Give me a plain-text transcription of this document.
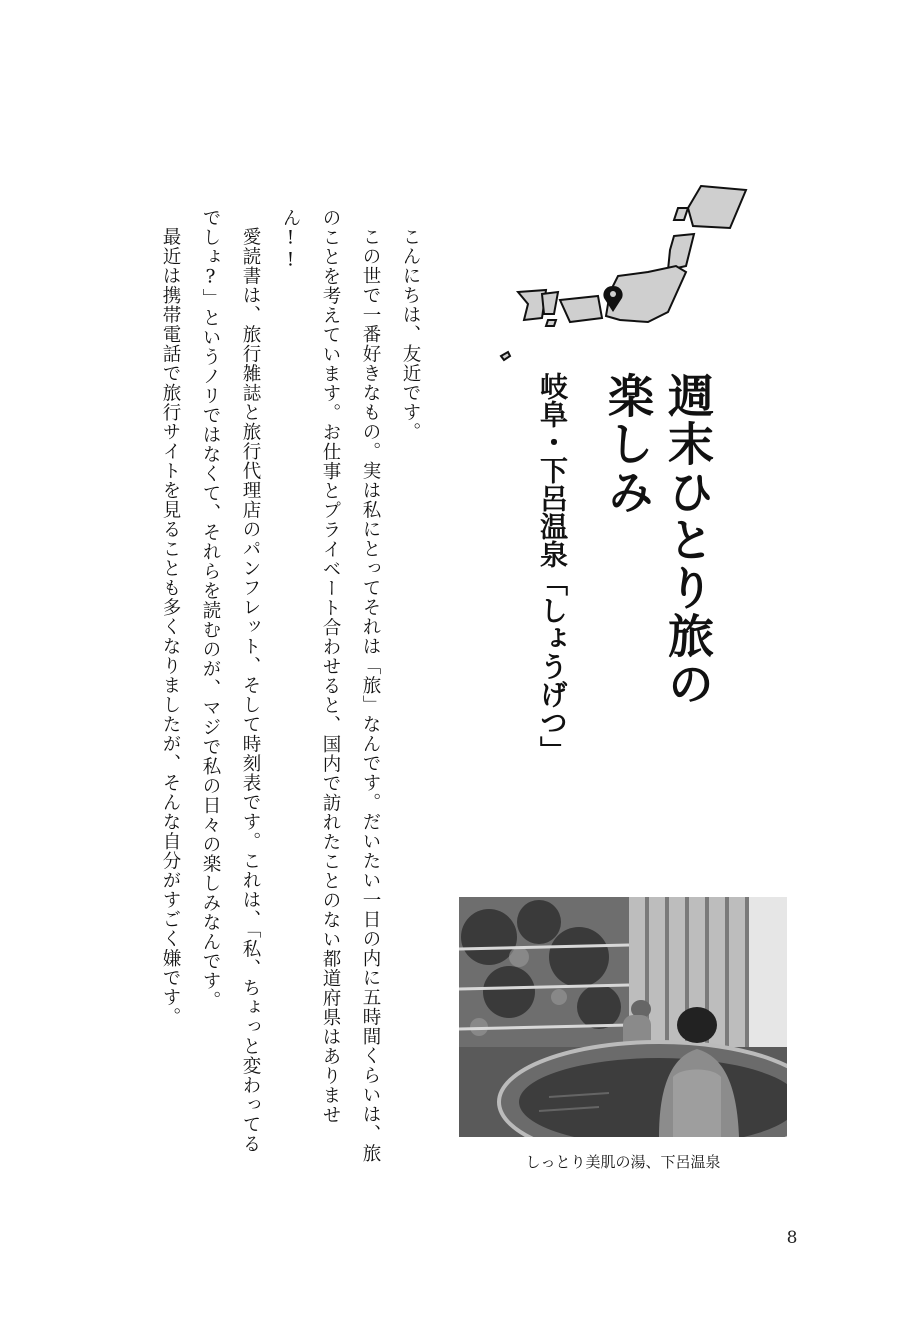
週末ひとり旅の
楽しみ
岐阜・下呂温泉「しょうげつ」

こんにちは、友近です。

この世で一番好きなもの。実は私にとってそれは「旅」なんです。だいたい一日の内に五時間くらいは、旅のことを考えています。お仕事とプライベート合わせると、国内で訪れたことのない都道府県はありません!!

愛読書は、旅行雑誌と旅行代理店のパンフレット、そして時刻表です。これは、「私、ちょっと変わってるでしょ?」というノリではなくて、それらを読むのが、マジで私の日々の楽しみなんです。

最近は携帯電話で旅行サイトを見ることも多くなりましたが、そんな自分がすごく嫌です。

しっとり美肌の湯、下呂温泉
8
